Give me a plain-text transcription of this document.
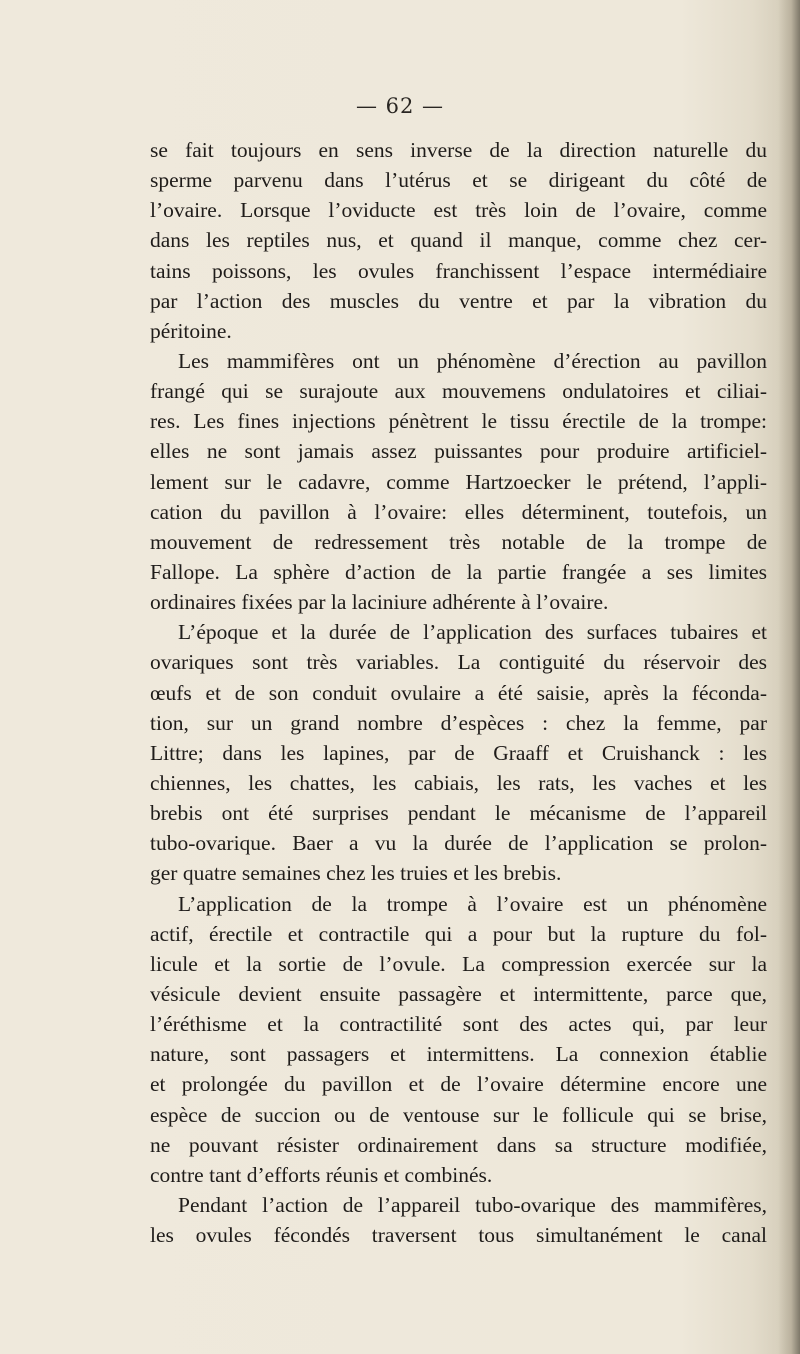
— 62 —
se fait toujours en sens inverse de la direction naturelle du
sperme parvenu dans l’utérus et se dirigeant du côté de
l’ovaire. Lorsque l’oviducte est très loin de l’ovaire, comme
dans les reptiles nus, et quand il manque, comme chez cer-
tains poissons, les ovules franchissent l’espace intermédiaire
par l’action des muscles du ventre et par la vibration du
péritoine.
Les mammifères ont un phénomène d’érection au pavillon
frangé qui se surajoute aux mouvemens ondulatoires et ciliai-
res. Les fines injections pénètrent le tissu érectile de la trompe:
elles ne sont jamais assez puissantes pour produire artificiel-
lement sur le cadavre, comme Hartzoecker le prétend, l’appli-
cation du pavillon à l’ovaire: elles déterminent, toutefois, un
mouvement de redressement très notable de la trompe de
Fallope. La sphère d’action de la partie frangée a ses limites
ordinaires fixées par la laciniure adhérente à l’ovaire.
L’époque et la durée de l’application des surfaces tubaires et
ovariques sont très variables. La contiguité du réservoir des
œufs et de son conduit ovulaire a été saisie, après la féconda-
tion, sur un grand nombre d’espèces : chez la femme, par
Littre; dans les lapines, par de Graaff et Cruishanck : les
chiennes, les chattes, les cabiais, les rats, les vaches et les
brebis ont été surprises pendant le mécanisme de l’appareil
tubo-ovarique. Baer a vu la durée de l’application se prolon-
ger quatre semaines chez les truies et les brebis.
L’application de la trompe à l’ovaire est un phénomène
actif, érectile et contractile qui a pour but la rupture du fol-
licule et la sortie de l’ovule. La compression exercée sur la
vésicule devient ensuite passagère et intermittente, parce que,
l’éréthisme et la contractilité sont des actes qui, par leur
nature, sont passagers et intermittens. La connexion établie
et prolongée du pavillon et de l’ovaire détermine encore une
espèce de succion ou de ventouse sur le follicule qui se brise,
ne pouvant résister ordinairement dans sa structure modifiée,
contre tant d’efforts réunis et combinés.
Pendant l’action de l’appareil tubo-ovarique des mammifères,
les ovules fécondés traversent tous simultanément le canal
